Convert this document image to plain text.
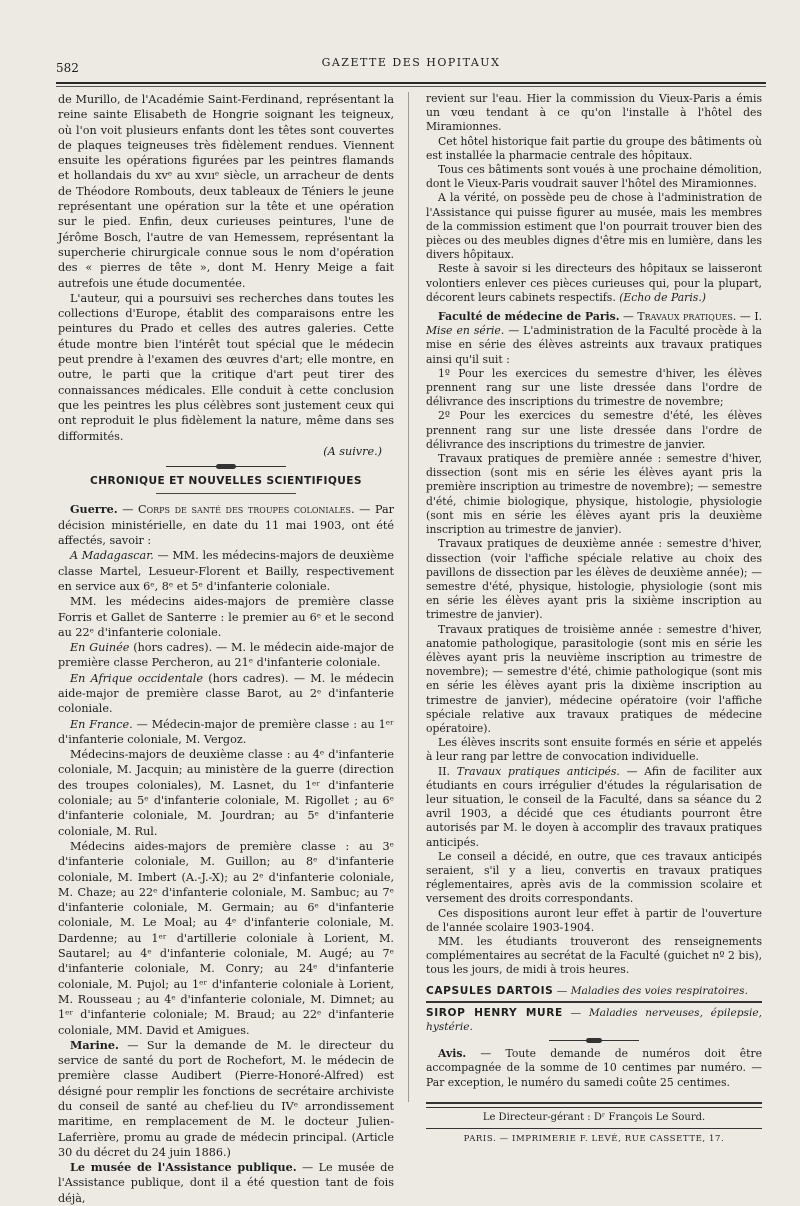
582	GAZETTE DES HOPITAUX

de Murillo, de l'Académie Saint-Ferdinand, représentant la reine sainte Elisabeth de Hongrie soignant les teigneux, où l'on voit plusieurs enfants dont les têtes sont couvertes de plaques teigneuses très fidèlement rendues. Viennent ensuite les opérations figurées par les peintres flamands et hollandais du xvᵉ au xvııᵉ siècle, un arracheur de dents de Théodore Rombouts, deux tableaux de Téniers le jeune représentant une opération sur la tête et une opération sur le pied. Enfin, deux curieuses peintures, l'une de Jérôme Bosch, l'autre de van Hemessem, représentant la supercherie chirurgicale connue sous le nom d'opération des « pierres de tête », dont M. Henry Meige a fait autrefois une étude documentée.

L'auteur, qui a poursuivi ses recherches dans toutes les collections d'Europe, établit des comparaisons entre les peintures du Prado et celles des autres galeries. Cette étude montre bien l'intérêt tout spécial que le médecin peut prendre à l'examen des œuvres d'art; elle montre, en outre, le parti que la critique d'art peut tirer des connaissances médicales. Elle conduit à cette conclusion que les peintres les plus célèbres sont justement ceux qui ont reproduit le plus fidèlement la nature, même dans ses difformités.

(A suivre.)
CHRONIQUE ET NOUVELLES SCIENTIFIQUES

Guerre. — Corps de santé des troupes coloniales. — Par décision ministérielle, en date du 11 mai 1903, ont été affectés, savoir :

A Madagascar. — MM. les médecins-majors de deuxième classe Martel, Lesueur-Florent et Bailly, respectivement en service aux 6ᵉ, 8ᵉ et 5ᵉ d'infanterie coloniale.

MM. les médecins aides-majors de première classe Forris et Gallet de Santerre : le premier au 6ᵉ et le second au 22ᵉ d'infanterie coloniale.

En Guinée (hors cadres). — M. le médecin aide-major de première classe Percheron, au 21ᵉ d'infanterie coloniale.

En Afrique occidentale (hors cadres). — M. le médecin aide-major de première classe Barot, au 2ᵉ d'infanterie coloniale.

En France. — Médecin-major de première classe : au 1ᵉʳ d'infanterie coloniale, M. Vergoz.

Médecins-majors de deuxième classe : au 4ᵉ d'infanterie coloniale, M. Jacquin; au ministère de la guerre (direction des troupes coloniales), M. Lasnet, du 1ᵉʳ d'infanterie coloniale; au 5ᵉ d'infanterie coloniale, M. Rigollet ; au 6ᵉ d'infanterie coloniale, M. Jourdran; au 5ᵉ d'infanterie coloniale, M. Rul.

Médecins aides-majors de première classe : au 3ᵉ d'infanterie coloniale, M. Guillon; au 8ᵉ d'infanterie coloniale, M. Imbert (A.-J.-X); au 2ᵉ d'infanterie coloniale, M. Chaze; au 22ᵉ d'infanterie coloniale, M. Sambuc; au 7ᵉ d'infanterie coloniale, M. Germain; au 6ᵉ d'infanterie coloniale, M. Le Moal; au 4ᵉ d'infanterie coloniale, M. Dardenne; au 1ᵉʳ d'artillerie coloniale à Lorient, M. Sautarel; au 4ᵉ d'infanterie coloniale, M. Augé; au 7ᵉ d'infanterie coloniale, M. Conry; au 24ᵉ d'infanterie coloniale, M. Pujol; au 1ᵉʳ d'infanterie coloniale à Lorient, M. Rousseau ; au 4ᵉ d'infanterie coloniale, M. Dimnet; au 1ᵉʳ d'infanterie coloniale; M. Braud; au 22ᵉ d'infanterie coloniale, MM. David et Amigues.

Marine. — Sur la demande de M. le directeur du service de santé du port de Rochefort, M. le médecin de première classe Audibert (Pierre-Honoré-Alfred) est désigné pour remplir les fonctions de secrétaire archiviste du conseil de santé au chef-lieu du IVᵉ arrondissement maritime, en remplacement de M. le docteur Julien-Laferrière, promu au grade de médecin principal. (Article 30 du décret du 24 juin 1886.)

Le musée de l'Assistance publique. — Le musée de l'Assistance publique, dont il a été question tant de fois déjà,

revient sur l'eau. Hier la commission du Vieux-Paris a émis un vœu tendant à ce qu'on l'installe à l'hôtel des Miramionnes.

Cet hôtel historique fait partie du groupe des bâtiments où est installée la pharmacie centrale des hôpitaux.

Tous ces bâtiments sont voués à une prochaine démolition, dont le Vieux-Paris voudrait sauver l'hôtel des Miramionnes.

A la vérité, on possède peu de chose à l'administration de l'Assistance qui puisse figurer au musée, mais les membres de la commission estiment que l'on pourrait trouver bien des pièces ou des meubles dignes d'être mis en lumière, dans les divers hôpitaux.

Reste à savoir si les directeurs des hôpitaux se laisseront volontiers enlever ces pièces curieuses qui, pour la plupart, décorent leurs cabinets respectifs. (Echo de Paris.)

Faculté de médecine de Paris. — Travaux pratiques. — I. Mise en série. — L'administration de la Faculté procède à la mise en série des élèves astreints aux travaux pratiques ainsi qu'il suit :

1º Pour les exercices du semestre d'hiver, les élèves prennent rang sur une liste dressée dans l'ordre de délivrance des inscriptions du trimestre de novembre;

2º Pour les exercices du semestre d'été, les élèves prennent rang sur une liste dressée dans l'ordre de délivrance des inscriptions du trimestre de janvier.

Travaux pratiques de première année : semestre d'hiver, dissection (sont mis en série les élèves ayant pris la première inscription au trimestre de novembre); — semestre d'été, chimie biologique, physique, histologie, physiologie (sont mis en série les élèves ayant pris la deuxième inscription au trimestre de janvier).

Travaux pratiques de deuxième année : semestre d'hiver, dissection (voir l'affiche spéciale relative au choix des pavillons de dissection par les élèves de deuxième année); — semestre d'été, physique, histologie, physiologie (sont mis en série les élèves ayant pris la sixième inscription au trimestre de janvier).

Travaux pratiques de troisième année : semestre d'hiver, anatomie pathologique, parasitologie (sont mis en série les élèves ayant pris la neuvième inscription au trimestre de novembre); — semestre d'été, chimie pathologique (sont mis en série les élèves ayant pris la dixième inscription au trimestre de janvier), médecine opératoire (voir l'affiche spéciale relative aux travaux pratiques de médecine opératoire).

Les élèves inscrits sont ensuite formés en série et appelés à leur rang par lettre de convocation individuelle.

II. Travaux pratiques anticipés. — Afin de faciliter aux étudiants en cours irrégulier d'études la régularisation de leur situation, le conseil de la Faculté, dans sa séance du 2 avril 1903, a décidé que ces étudiants pourront être autorisés par M. le doyen à accomplir des travaux pratiques anticipés.

Le conseil a décidé, en outre, que ces travaux anticipés seraient, s'il y a lieu, convertis en travaux pratiques réglementaires, après avis de la commission scolaire et versement des droits correspondants.

Ces dispositions auront leur effet à partir de l'ouverture de l'année scolaire 1903-1904.

MM. les étudiants trouveront des renseignements complémentaires au secrétat de la Faculté (guichet nº 2 bis), tous les jours, de midi à trois heures.

CAPSULES DARTOIS — Maladies des voies respiratoires.
SIROP HENRY MURE — Maladies nerveuses, épilepsie, hystérie.

Avis. — Toute demande de numéros doit être accompagnée de la somme de 10 centimes par numéro. — Par exception, le numéro du samedi coûte 25 centimes.

Le Directeur-gérant : Dʳ François Le Sourd.
PARIS. — IMPRIMERIE F. LEVÉ, RUE CASSETTE, 17.
